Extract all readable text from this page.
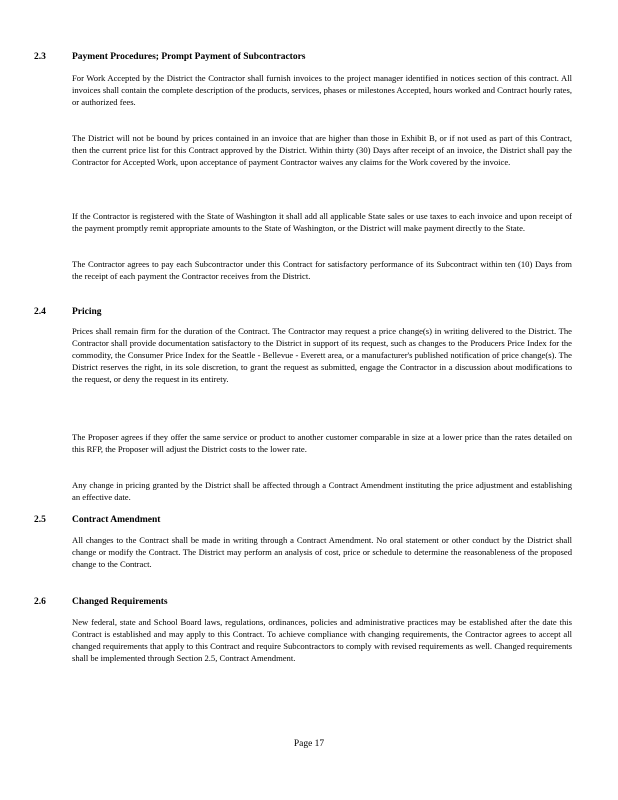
2.3	Payment Procedures; Prompt Payment of Subcontractors
For Work Accepted by the District the Contractor shall furnish invoices to the project manager identified in notices section of this contract. All invoices shall contain the complete description of the products, services, phases or milestones Accepted, hours worked and Contract hourly rates, or authorized fees.
The District will not be bound by prices contained in an invoice that are higher than those in Exhibit B, or if not used as part of this Contract, then the current price list for this Contract approved by the District. Within thirty (30) Days after receipt of an invoice, the District shall pay the Contractor for Accepted Work, upon acceptance of payment Contractor waives any claims for the Work covered by the invoice.
If the Contractor is registered with the State of Washington it shall add all applicable State sales or use taxes to each invoice and upon receipt of the payment promptly remit appropriate amounts to the State of Washington, or the District will make payment directly to the State.
The Contractor agrees to pay each Subcontractor under this Contract for satisfactory performance of its Subcontract within ten (10) Days from the receipt of each payment the Contractor receives from the District.
2.4	Pricing
Prices shall remain firm for the duration of the Contract. The Contractor may request a price change(s) in writing delivered to the District. The Contractor shall provide documentation satisfactory to the District in support of its request, such as changes to the Producers Price Index for the commodity, the Consumer Price Index for the Seattle - Bellevue - Everett area, or a manufacturer's published notification of price change(s). The District reserves the right, in its sole discretion, to grant the request as submitted, engage the Contractor in a discussion about modifications to the request, or deny the request in its entirety.
The Proposer agrees if they offer the same service or product to another customer comparable in size at a lower price than the rates detailed on this RFP, the Proposer will adjust the District costs to the lower rate.
Any change in pricing granted by the District shall be affected through a Contract Amendment instituting the price adjustment and establishing an effective date.
2.5	Contract Amendment
All changes to the Contract shall be made in writing through a Contract Amendment. No oral statement or other conduct by the District shall change or modify the Contract. The District may perform an analysis of cost, price or schedule to determine the reasonableness of the proposed change to the Contract.
2.6	Changed Requirements
New federal, state and School Board laws, regulations, ordinances, policies and administrative practices may be established after the date this Contract is established and may apply to this Contract. To achieve compliance with changing requirements, the Contractor agrees to accept all changed requirements that apply to this Contract and require Subcontractors to comply with revised requirements as well. Changed requirements shall be implemented through Section 2.5, Contract Amendment.
Page 17
